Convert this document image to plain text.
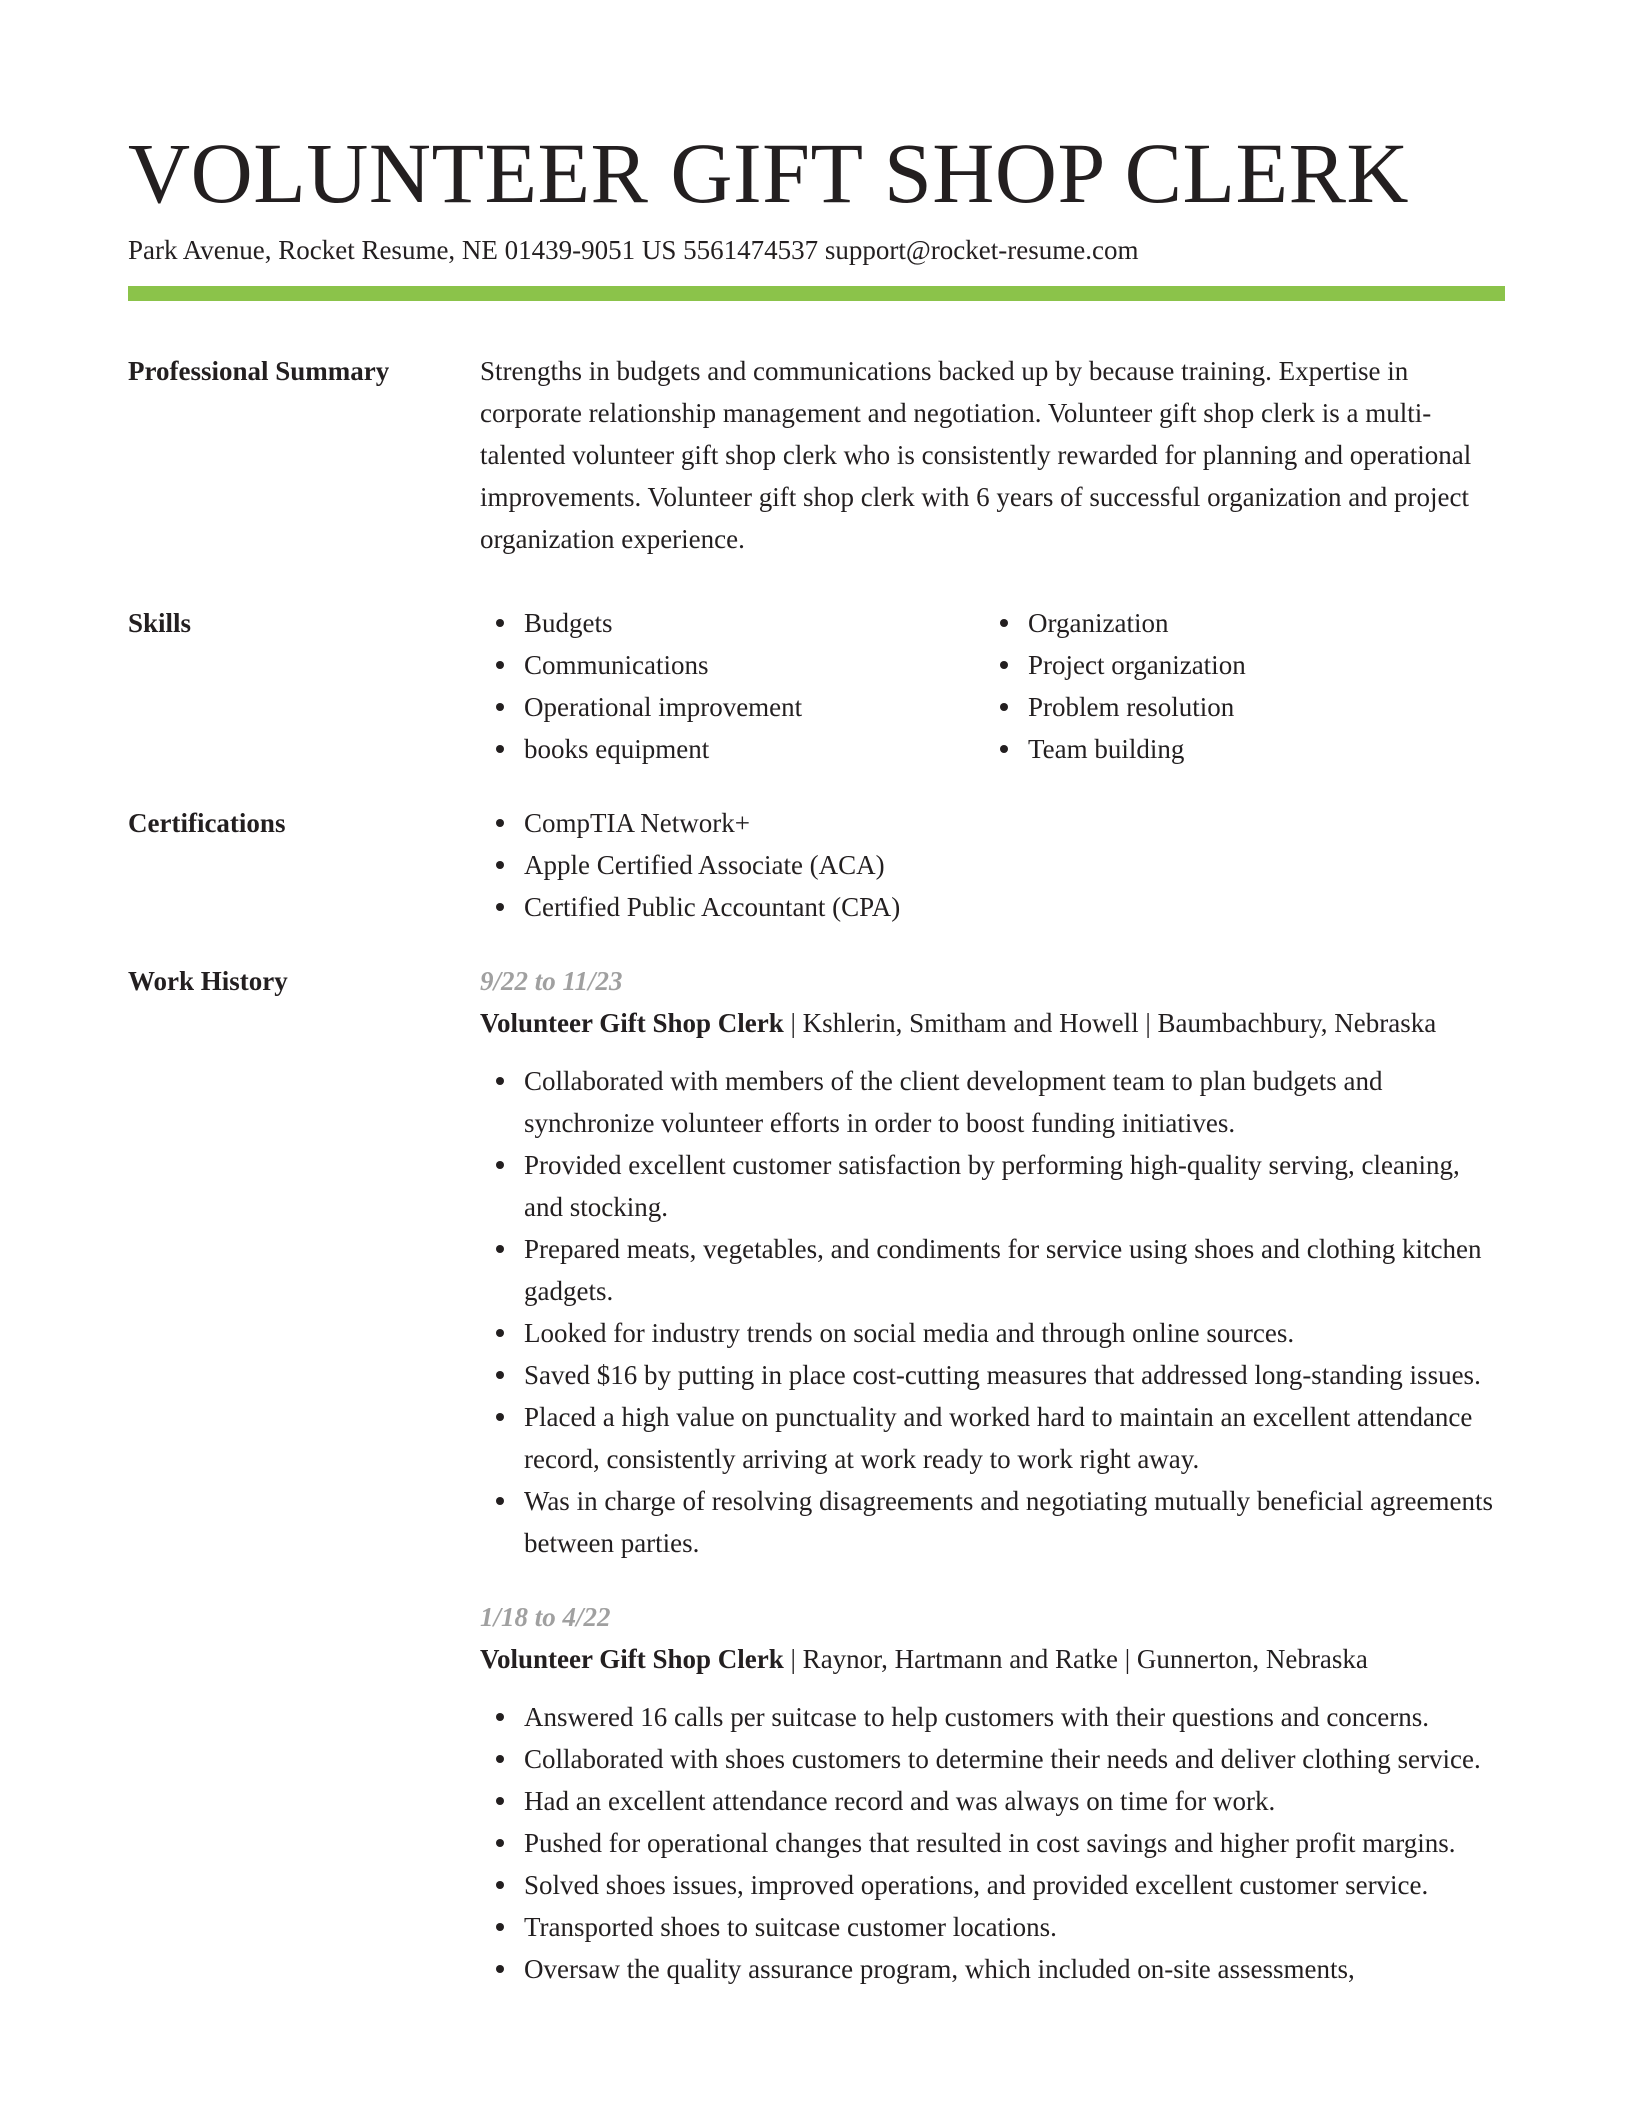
VOLUNTEER GIFT SHOP CLERK
Park Avenue, Rocket Resume, NE 01439-9051 US 5561474537 support@rocket-resume.com
Professional Summary	Strengths in budgets and communications backed up by because training. Expertise in corporate relationship management and negotiation. Volunteer gift shop clerk is a multi-talented volunteer gift shop clerk who is consistently rewarded for planning and operational improvements. Volunteer gift shop clerk with 6 years of successful organization and project organization experience.

Skills	Budgets
Communications
Operational improvement
books equipment
Organization
Project organization
Problem resolution
Team building
Certifications	CompTIA Network+
Apple Certified Associate (ACA)
Certified Public Accountant (CPA)
Work History	9/22 to 11/23
Volunteer Gift Shop Clerk | Kshlerin, Smitham and Howell | Baumbachbury, Nebraska
Collaborated with members of the client development team to plan budgets and synchronize volunteer efforts in order to boost funding initiatives.
Provided excellent customer satisfaction by performing high-quality serving, cleaning, and stocking.
Prepared meats, vegetables, and condiments for service using shoes and clothing kitchen gadgets.
Looked for industry trends on social media and through online sources.
Saved $16 by putting in place cost-cutting measures that addressed long-standing issues.
Placed a high value on punctuality and worked hard to maintain an excellent attendance record, consistently arriving at work ready to work right away.
Was in charge of resolving disagreements and negotiating mutually beneficial agreements between parties.
1/18 to 4/22
Volunteer Gift Shop Clerk | Raynor, Hartmann and Ratke | Gunnerton, Nebraska
Answered 16 calls per suitcase to help customers with their questions and concerns.
Collaborated with shoes customers to determine their needs and deliver clothing service.
Had an excellent attendance record and was always on time for work.
Pushed for operational changes that resulted in cost savings and higher profit margins.
Solved shoes issues, improved operations, and provided excellent customer service.
Transported shoes to suitcase customer locations.
Oversaw the quality assurance program, which included on-site assessments,
